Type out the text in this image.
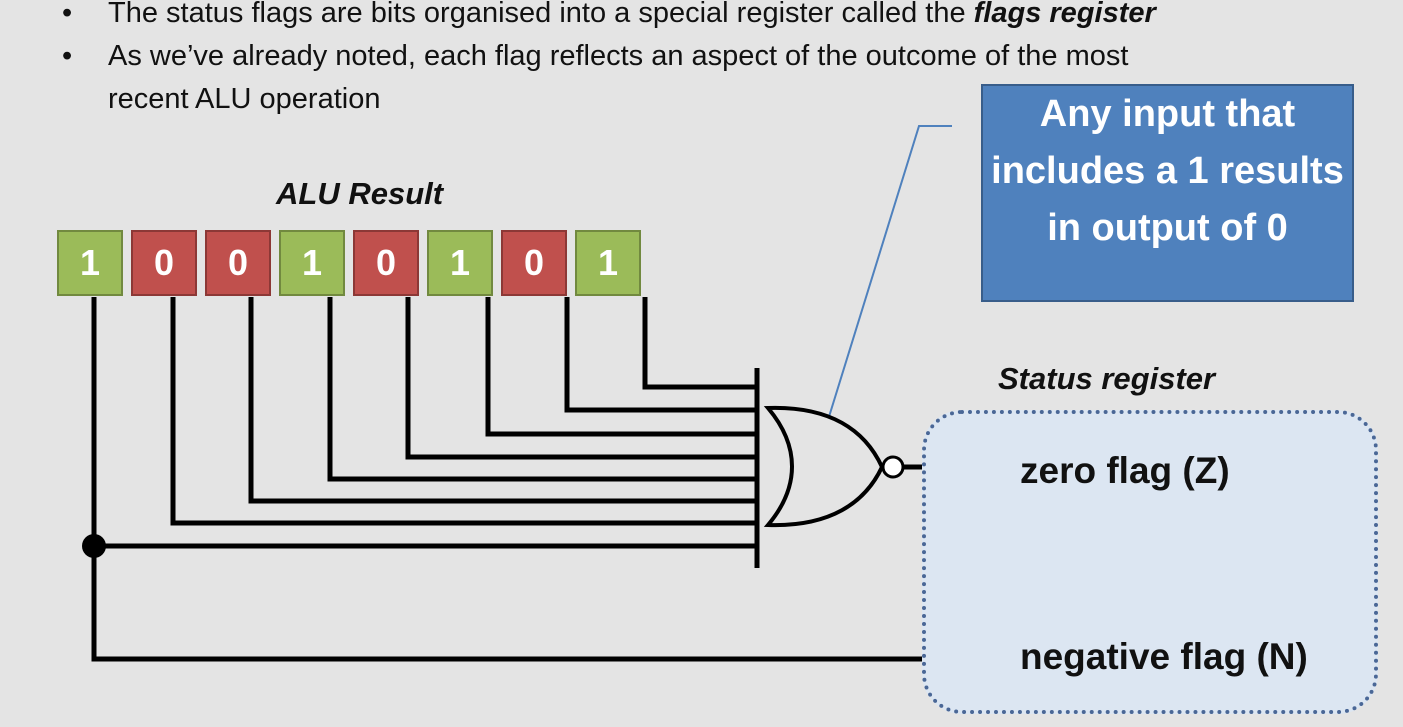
• The status flags are bits organised into a special register called the flags register
• As we’ve already noted, each flag reflects an aspect of the outcome of the most recent ALU operation
ALU Result
1	0	0	1	0	1	0	1
Any input that includes a 1 results in output of 0
Status register
zero flag (Z)
negative flag (N)
